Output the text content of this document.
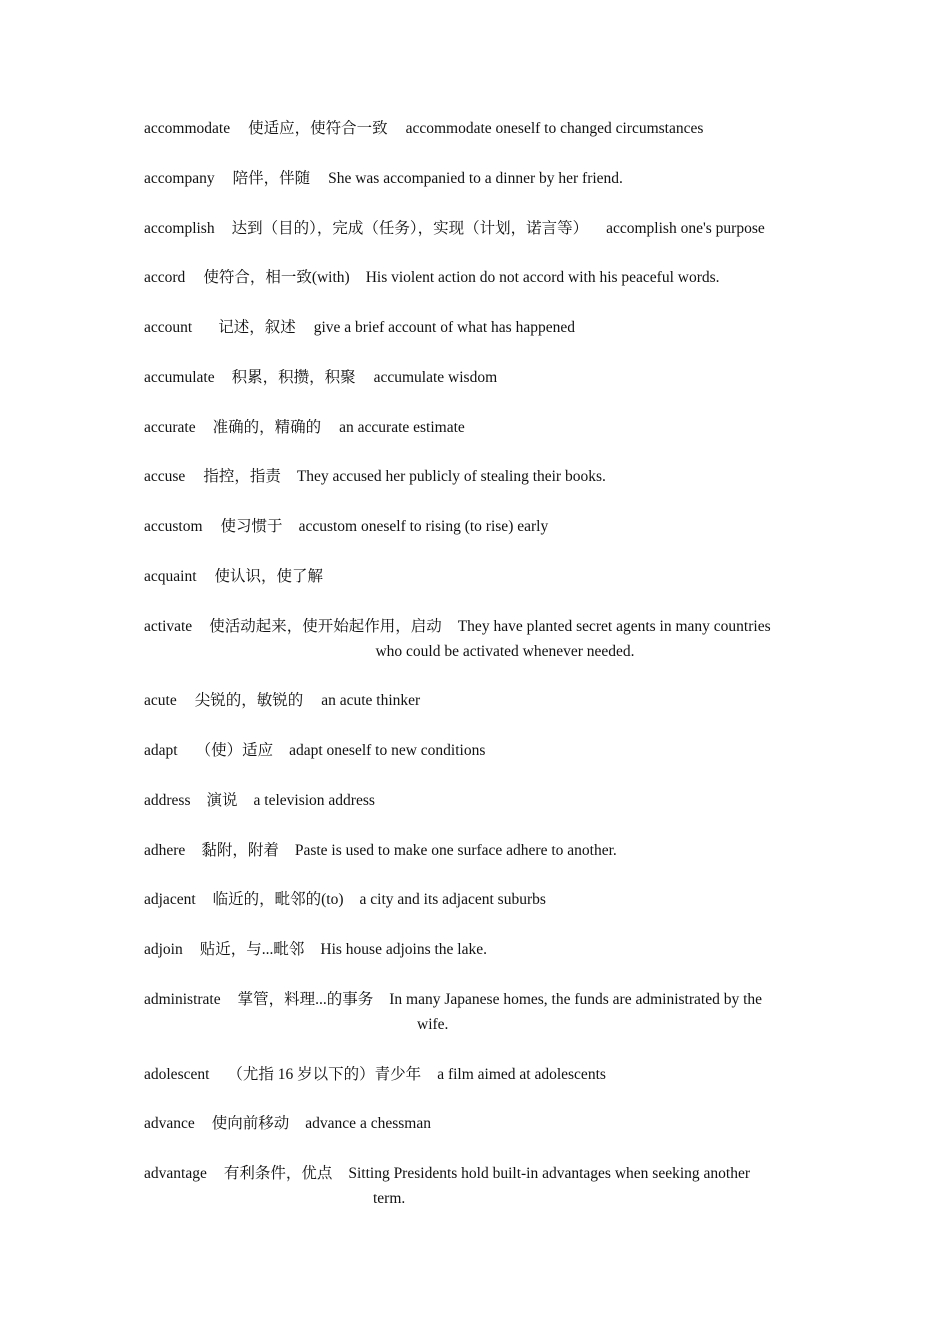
accommodate 使适应，使符合一致 accommodate oneself to changed circumstances
accompany 陪伴，伴随 She was accompanied to a dinner by her friend.
accomplish 达到（目的），完成（任务），实现（计划，诺言等） accomplish one's purpose
accord 使符合，相一致(with) His violent action do not accord with his peaceful words.
account 记述，叙述 give a brief account of what has happened
accumulate 积累，积攒，积聚 accumulate wisdom
accurate 准确的，精确的 an accurate estimate
accuse 指控，指责 They accused her publicly of stealing their books.
accustom 使习惯于 accustom oneself to rising (to rise) early
acquaint 使认识，使了解
activate 使活动起来，使开始起作用，启动 They have planted secret agents in many countries
who could be activated whenever needed.
acute 尖锐的，敏锐的 an acute thinker
adapt （使）适应 adapt oneself to new conditions
address 演说 a television address
adhere 黏附，附着 Paste is used to make one surface adhere to another.
adjacent 临近的，毗邻的(to) a city and its adjacent suburbs
adjoin 贴近，与...毗邻 His house adjoins the lake.
administrate 掌管，料理...的事务 In many Japanese homes, the funds are administrated by the
wife.
adolescent （尤指 16 岁以下的）青少年 a film aimed at adolescents
advance 使向前移动 advance a chessman
advantage 有利条件，优点 Sitting Presidents hold built-in advantages when seeking another
term.
